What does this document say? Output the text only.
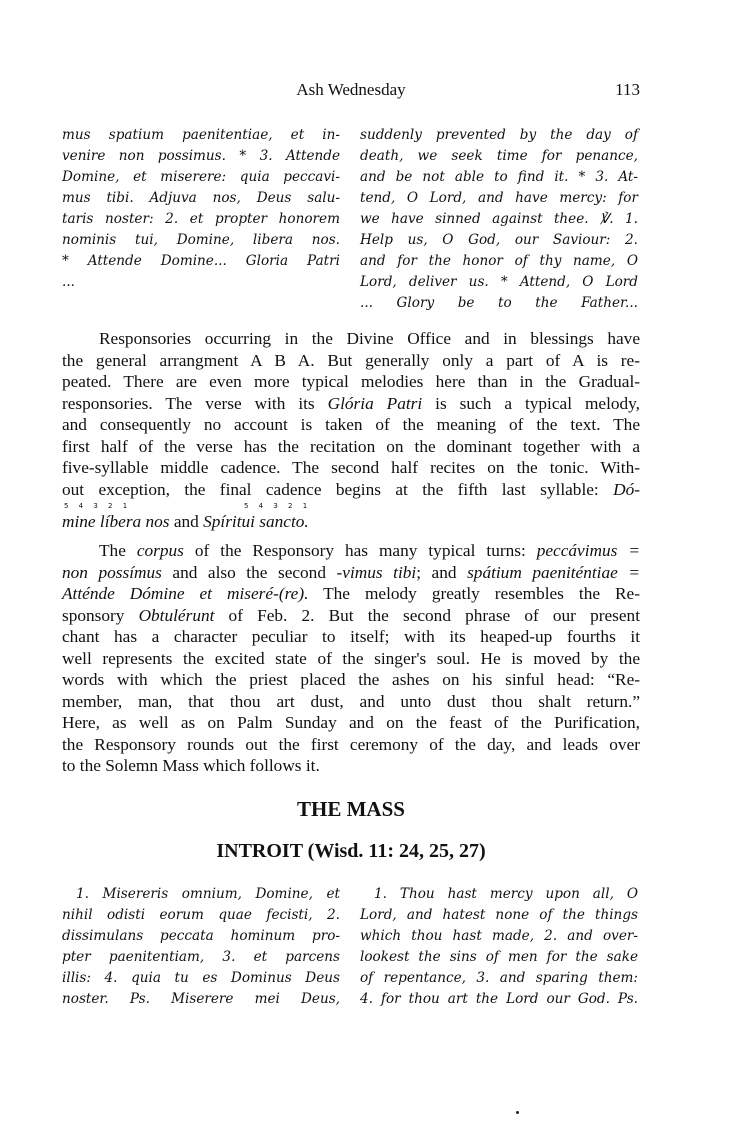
Ash Wednesday	113
mus spatium paenitentiae, et in-
venire non possimus. * 3. Attende
Domine, et miserere: quia peccavi-
mus tibi. Adjuva nos, Deus salu-
taris noster: 2. et propter honorem
nominis tui, Domine, libera nos.
* Attende Domine... Gloria Patri
...
suddenly prevented by the day of
death, we seek time for penance,
and be not able to find it. * 3. At-
tend, O Lord, and have mercy: for
we have sinned against thee. ℣. 1.
Help us, O God, our Saviour: 2.
and for the honor of thy name, O
Lord, deliver us. * Attend, O Lord
... Glory be to the Father...
Responsories occurring in the Divine Office and in blessings have
the general arrangment A B A. But generally only a part of A is re-
peated. There are even more typical melodies here than in the Gradual-
responsories. The verse with its Glória Patri is such a typical melody,
and consequently no account is taken of the meaning of the text. The
first half of the verse has the recitation on the dominant together with a
five-syllable middle cadence. The second half recites on the tonic. With-
out exception, the final cadence begins at the fifth last syllable: Dó-
5 4 3 2 1	5 4 3 2 1
mine líbera nos and Spíritui sancto.
The corpus of the Responsory has many typical turns: peccávimus =
non possímus and also the second -vimus tibi; and spátium paeniténtiae =
Atténde Dómine et miseré-(re). The melody greatly resembles the Re-
sponsory Obtulérunt of Feb. 2. But the second phrase of our present
chant has a character peculiar to itself; with its heaped-up fourths it
well represents the excited state of the singer's soul. He is moved by the
words with which the priest placed the ashes on his sinful head: “Re-
member, man, that thou art dust, and unto dust thou shalt return.”
Here, as well as on Palm Sunday and on the feast of the Purification,
the Responsory rounds out the first ceremony of the day, and leads over
to the Solemn Mass which follows it.
THE MASS
INTROIT (Wisd. 11: 24, 25, 27)
1. Misereris omnium, Domine, et
nihil odisti eorum quae fecisti, 2.
dissimulans peccata hominum pro-
pter paenitentiam, 3. et parcens
illis: 4. quia tu es Dominus Deus
noster. Ps. Miserere mei Deus,
1. Thou hast mercy upon all, O
Lord, and hatest none of the things
which thou hast made, 2. and over-
lookest the sins of men for the sake
of repentance, 3. and sparing them:
4. for thou art the Lord our God. Ps.
